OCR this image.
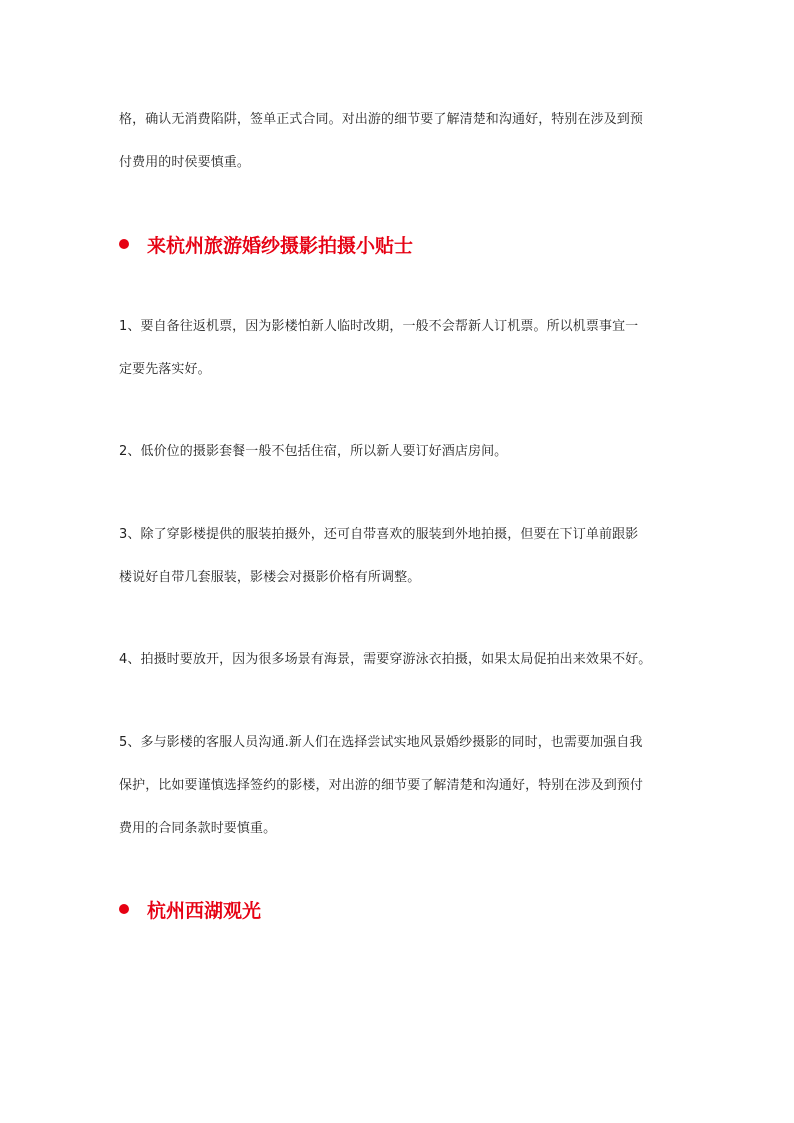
格，确认无消费陷阱，签单正式合同。对出游的细节要了解清楚和沟通好，特别在涉及到预
付费用的时侯要慎重。

来杭州旅游婚纱摄影拍摄小贴士

1、要自备往返机票，因为影楼怕新人临时改期，一般不会帮新人订机票。所以机票事宜一
定要先落实好。

2、低价位的摄影套餐一般不包括住宿，所以新人要订好酒店房间。

3、除了穿影楼提供的服装拍摄外，还可自带喜欢的服装到外地拍摄，但要在下订单前跟影
楼说好自带几套服装，影楼会对摄影价格有所调整。

4、拍摄时要放开，因为很多场景有海景，需要穿游泳衣拍摄，如果太局促拍出来效果不好。

5、多与影楼的客服人员沟通.新人们在选择尝试实地风景婚纱摄影的同时，也需要加强自我
保护，比如要谨慎选择签约的影楼，对出游的细节要了解清楚和沟通好，特别在涉及到预付
费用的合同条款时要慎重。

杭州西湖观光
